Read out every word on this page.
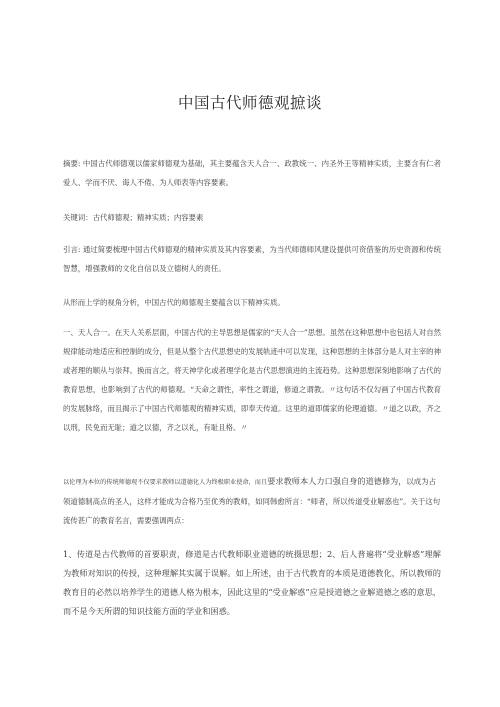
中国古代师德观摭谈

摘要: 中国古代师德观以儒家师德观为基础，其主要蕴含天人合一、政教统一、内圣外王等精神实质，主要含有仁者爱人、学而不厌、诲人不倦、为人师表等内容要素。

关键词：古代师德观；精神实质；内容要素

引言: 通过简要梳理中国古代师德观的精神实质及其内容要素，为当代师德师风建设提供可资借鉴的历史资源和传统智慧，增强教师的文化自信以及立德树人的责任。

从形而上学的视角分析，中国古代的师德观主要蕴含以下精神实质。

一、天人合一。在天人关系层面，中国古代的主导思想是儒家的“天人合一”思想。虽然在这种思想中也包括人对自然规律能动地适应和控制的成分，但是从整个古代思想史的发展轨迹中可以发现，这种思想的主体部分是人对主宰的神或者理的顺从与崇拜。换而言之，将天神学化或者理学化是古代思想演进的主流趋势。这种思想深刻地影响了古代的教育思想，也影响到了古代的师德观。“天命之谓性，率性之谓道，修道之谓教。〃这句话不仅勾画了中国古代教育的发展脉络，而且揭示了中国古代师德观的精神实质，即奉天传道。这里的道即儒家的伦理道德。〃道之以政，齐之以刑，民免而无耻；道之以德，齐之以礼，有耻且格。〃

以伦理为本位的传统师德观不仅要求教师以道德化人为终极职业使命，而且要求教师本人力口强自身的道德修为，以成为占领道德制高点的圣人，这样才能成为合格乃至优秀的教师，如同韩愈所言：“师者，所以传道受业解惑也”。关于这句流传甚广的教育名言，需要强调两点：

1、传道是古代教师的首要职责，修道是古代教师职业道德的统摄思想；2、后人普遍将“受业解惑”理解为教师对知识的传授，这种理解其实属于误解。如上所述，由于古代教育的本质是道德教化，所以教师的教育目的必然以培养学生的道德人格为根本，因此这里的“受业解惑”应是授道德之业解道德之惑的意思，而不是今天所谓的知识技能方面的学业和困惑。
